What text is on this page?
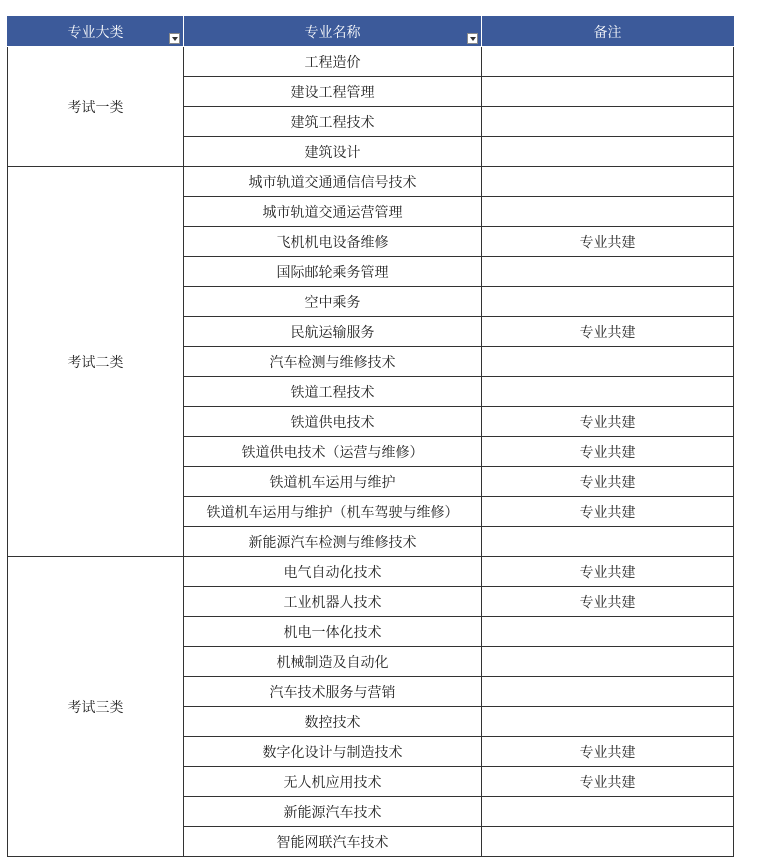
专业大类	专业名称	备注
考试一类	工程造价	
	建设工程管理	
	建筑工程技术	
	建筑设计	
考试二类	城市轨道交通通信信号技术	
	城市轨道交通运营管理	
	飞机机电设备维修	专业共建
	国际邮轮乘务管理	
	空中乘务	
	民航运输服务	专业共建
	汽车检测与维修技术	
	铁道工程技术	
	铁道供电技术	专业共建
	铁道供电技术（运营与维修）	专业共建
	铁道机车运用与维护	专业共建
	铁道机车运用与维护（机车驾驶与维修）	专业共建
	新能源汽车检测与维修技术	
考试三类	电气自动化技术	专业共建
	工业机器人技术	专业共建
	机电一体化技术	
	机械制造及自动化	
	汽车技术服务与营销	
	数控技术	
	数字化设计与制造技术	专业共建
	无人机应用技术	专业共建
	新能源汽车技术	
	智能网联汽车技术	
